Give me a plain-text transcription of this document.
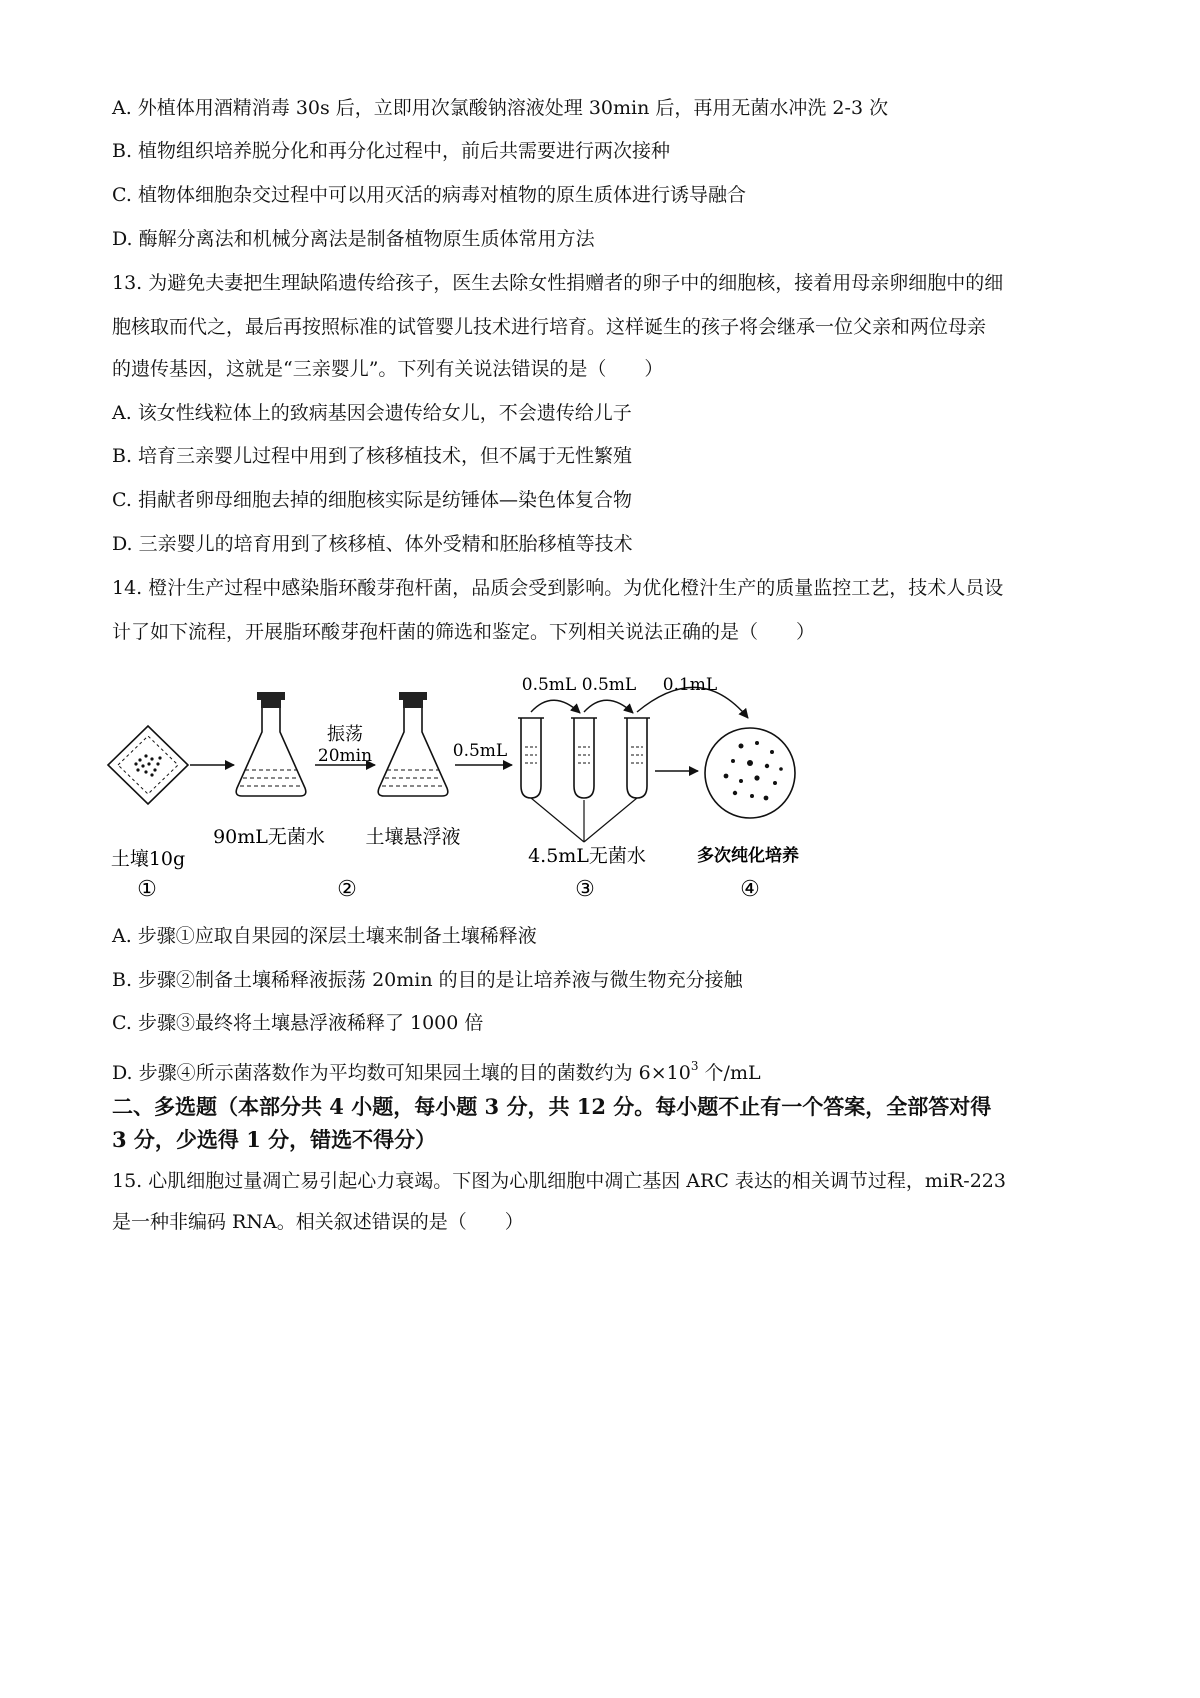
A. 外植体用酒精消毒 30s 后，立即用次氯酸钠溶液处理 30min 后，再用无菌水冲洗 2-3 次
B. 植物组织培养脱分化和再分化过程中，前后共需要进行两次接种
C. 植物体细胞杂交过程中可以用灭活的病毒对植物的原生质体进行诱导融合
D. 酶解分离法和机械分离法是制备植物原生质体常用方法
13. 为避免夫妻把生理缺陷遗传给孩子，医生去除女性捐赠者的卵子中的细胞核，接着用母亲卵细胞中的细
胞核取而代之，最后再按照标准的试管婴儿技术进行培育。这样诞生的孩子将会继承一位父亲和两位母亲
的遗传基因，这就是“三亲婴儿”。下列有关说法错误的是（　　）
A. 该女性线粒体上的致病基因会遗传给女儿，不会遗传给儿子
B. 培育三亲婴儿过程中用到了核移植技术，但不属于无性繁殖
C. 捐献者卵母细胞去掉的细胞核实际是纺锤体—染色体复合物
D. 三亲婴儿的培育用到了核移植、体外受精和胚胎移植等技术
14. 橙汁生产过程中感染脂环酸芽孢杆菌，品质会受到影响。为优化橙汁生产的质量监控工艺，技术人员设
计了如下流程，开展脂环酸芽孢杆菌的筛选和鉴定。下列相关说法正确的是（　　）
振荡
20min	0.5mL
0.5mL 0.5mL 0.1mL
90mL无菌水 土壤悬浮液
4.5mL无菌水	多次纯化培养
土壤10g
①	②	③	④
A. 步骤①应取自果园的深层土壤来制备土壤稀释液
B. 步骤②制备土壤稀释液振荡 20min 的目的是让培养液与微生物充分接触
C. 步骤③最终将土壤悬浮液稀释了 1000 倍
D. 步骤④所示菌落数作为平均数可知果园土壤的目的菌数约为 $6\times 10^3$ 个/mL
二、多选题（本部分共 4 小题，每小题 3 分，共 12 分。每小题不止有一个答案，全部答对得
3 分，少选得 1 分，错选不得分）
15. 心肌细胞过量凋亡易引起心力衰竭。下图为心肌细胞中凋亡基因 ARC 表达的相关调节过程，miR-223
是一种非编码 RNA。相关叙述错误的是（　　）
